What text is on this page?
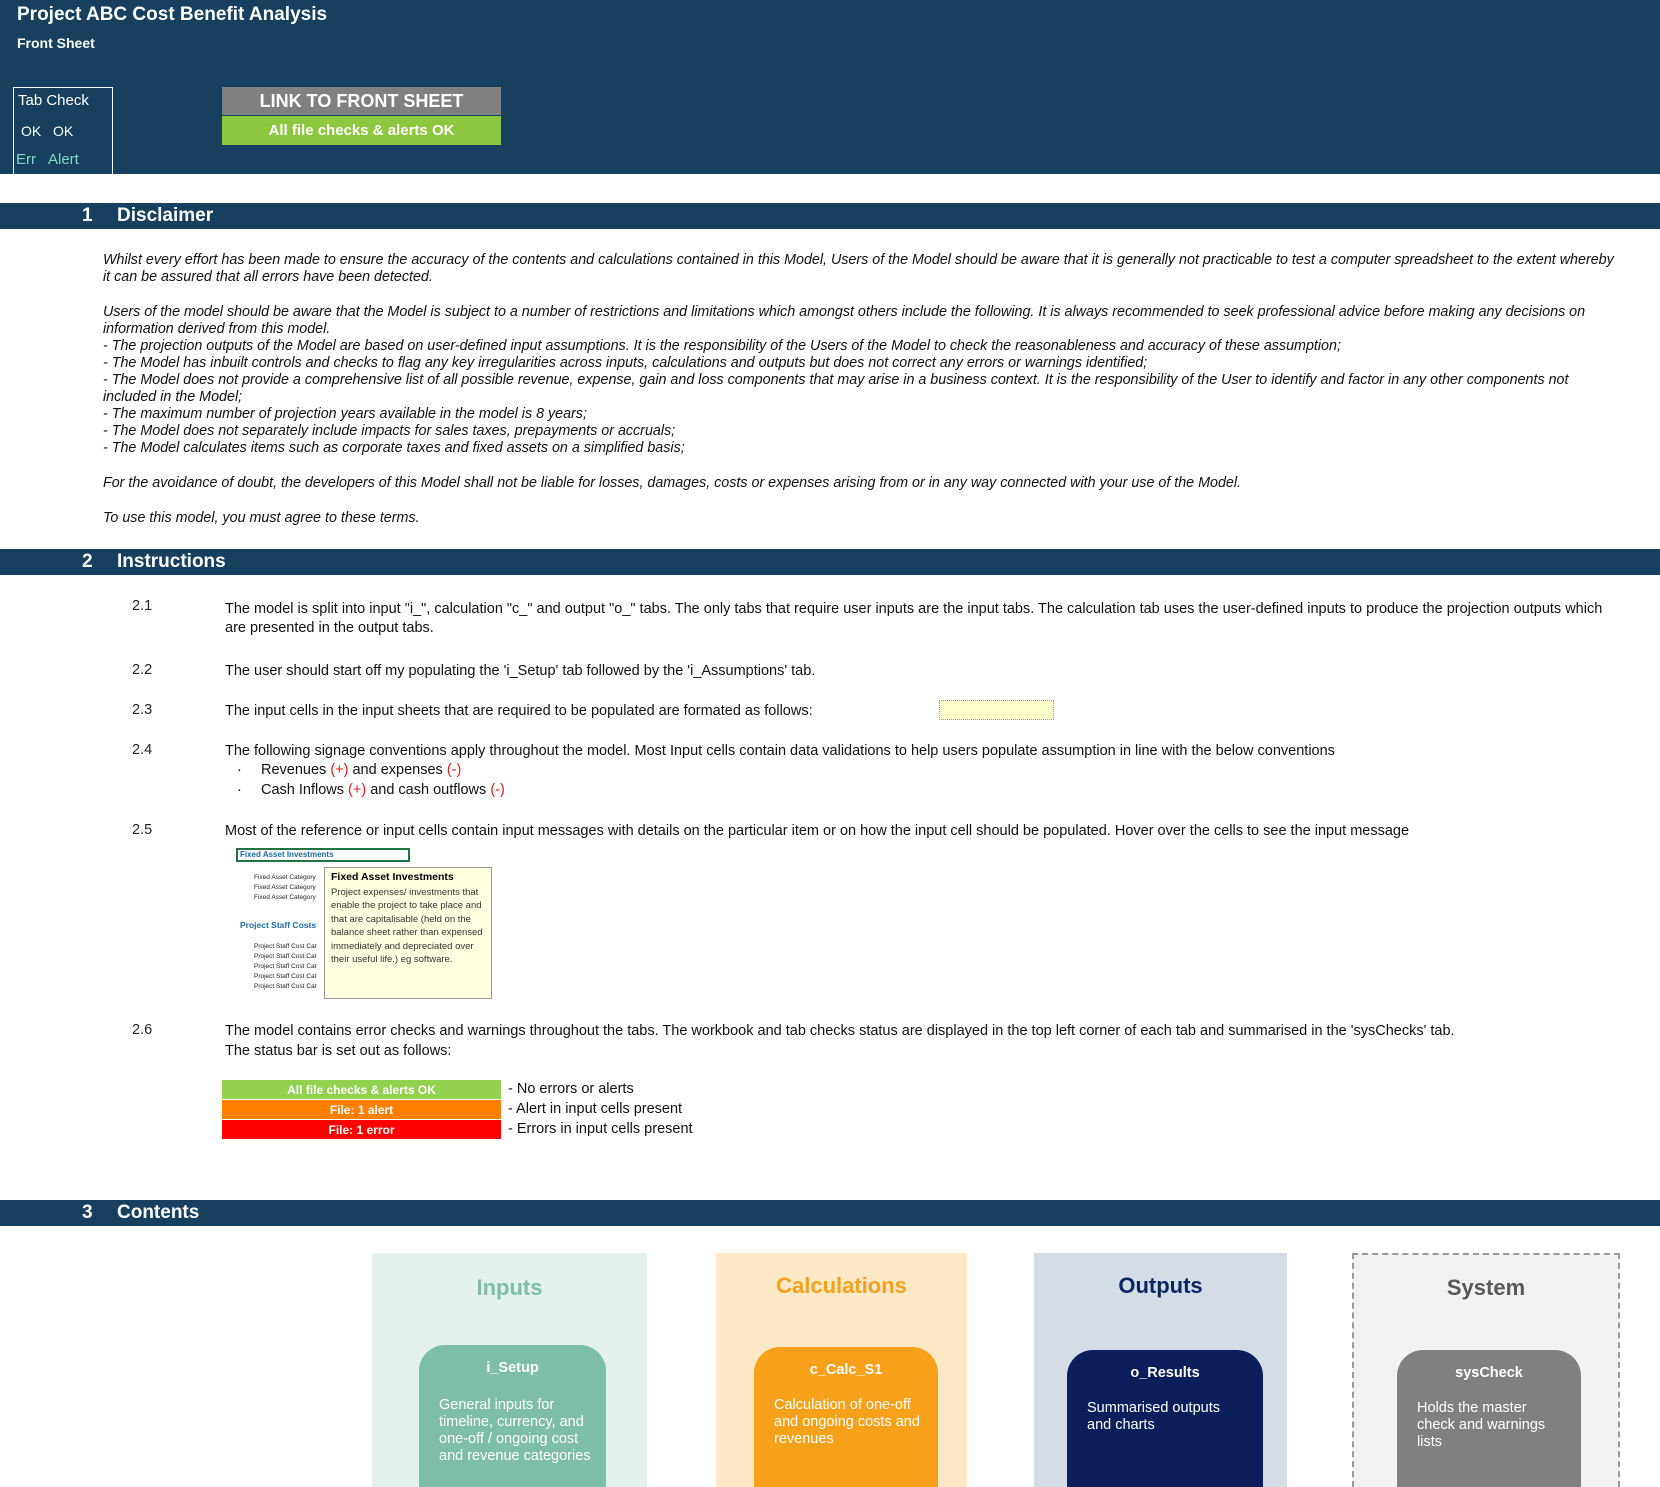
Project ABC Cost Benefit Analysis
Front Sheet
Tab Check
OK OK
Err Alert
LINK TO FRONT SHEET
All file checks & alerts OK
1 Disclaimer

Whilst every effort has been made to ensure the accuracy of the contents and calculations contained in this Model, Users of the Model should be aware that it is generally not practicable to test a computer spreadsheet to the extent whereby it can be assured that all errors have been detected.

Users of the model should be aware that the Model is subject to a number of restrictions and limitations which amongst others include the following. It is always recommended to seek professional advice before making any decisions on information derived from this model.

- The projection outputs of the Model are based on user-defined input assumptions. It is the responsibility of the Users of the Model to check the reasonableness and accuracy of these assumption;

- The Model has inbuilt controls and checks to flag any key irregularities across inputs, calculations and outputs but does not correct any errors or warnings identified;

- The Model does not provide a comprehensive list of all possible revenue, expense, gain and loss components that may arise in a business context. It is the responsibility of the User to identify and factor in any other components not included in the Model;

- The maximum number of projection years available in the model is 8 years;

- The Model does not separately include impacts for sales taxes, prepayments or accruals;

- The Model calculates items such as corporate taxes and fixed assets on a simplified basis;

For the avoidance of doubt, the developers of this Model shall not be liable for losses, damages, costs or expenses arising from or in any way connected with your use of the Model.

To use this model, you must agree to these terms.

2 Instructions
2.1	The model is split into input "i_", calculation "c_" and output "o_" tabs. The only tabs that require user inputs are the input tabs. The calculation tab uses the user-defined inputs to produce the projection outputs which are presented in the output tabs.
2.2	The user should start off my populating the 'i_Setup' tab followed by the 'i_Assumptions' tab.
2.3	The input cells in the input sheets that are required to be populated are formated as follows:
2.4	The following signage conventions apply throughout the model. Most Input cells contain data validations to help users populate assumption in line with the below conventions
· Revenues (+) and expenses (-)
· Cash Inflows (+) and cash outflows (-)
2.5	Most of the reference or input cells contain input messages with details on the particular item or on how the input cell should be populated. Hover over the cells to see the input message
Fixed Asset Investments
Fixed Asset Category
Fixed Asset Category
Fixed Asset Category
Project Staff Costs
Project Staff Cost Cat
Project Staff Cost Cat
Project Staff Cost Cat
Project Staff Cost Cat
Project Staff Cost Cat
Fixed Asset Investments
Project expenses/ investments that enable the project to take place and that are capitalisable (held on the balance sheet rather than expensed immediately and depreciated over their useful life.) eg software.
2.6	The model contains error checks and warnings throughout the tabs. The workbook and tab checks status are displayed in the top left corner of each tab and summarised in the 'sysChecks' tab.
The status bar is set out as follows:
All file checks & alerts OK	- No errors or alerts
File: 1 alert	- Alert in input cells present
File: 1 error	- Errors in input cells present
3 Contents
Inputs
i_Setup
General inputs for timeline, currency, and one-off / ongoing cost and revenue categories
Calculations
c_Calc_S1
Calculation of one-off and ongoing costs and revenues
Outputs
o_Results
Summarised outputs and charts
System
sysCheck
Holds the master check and warnings lists
